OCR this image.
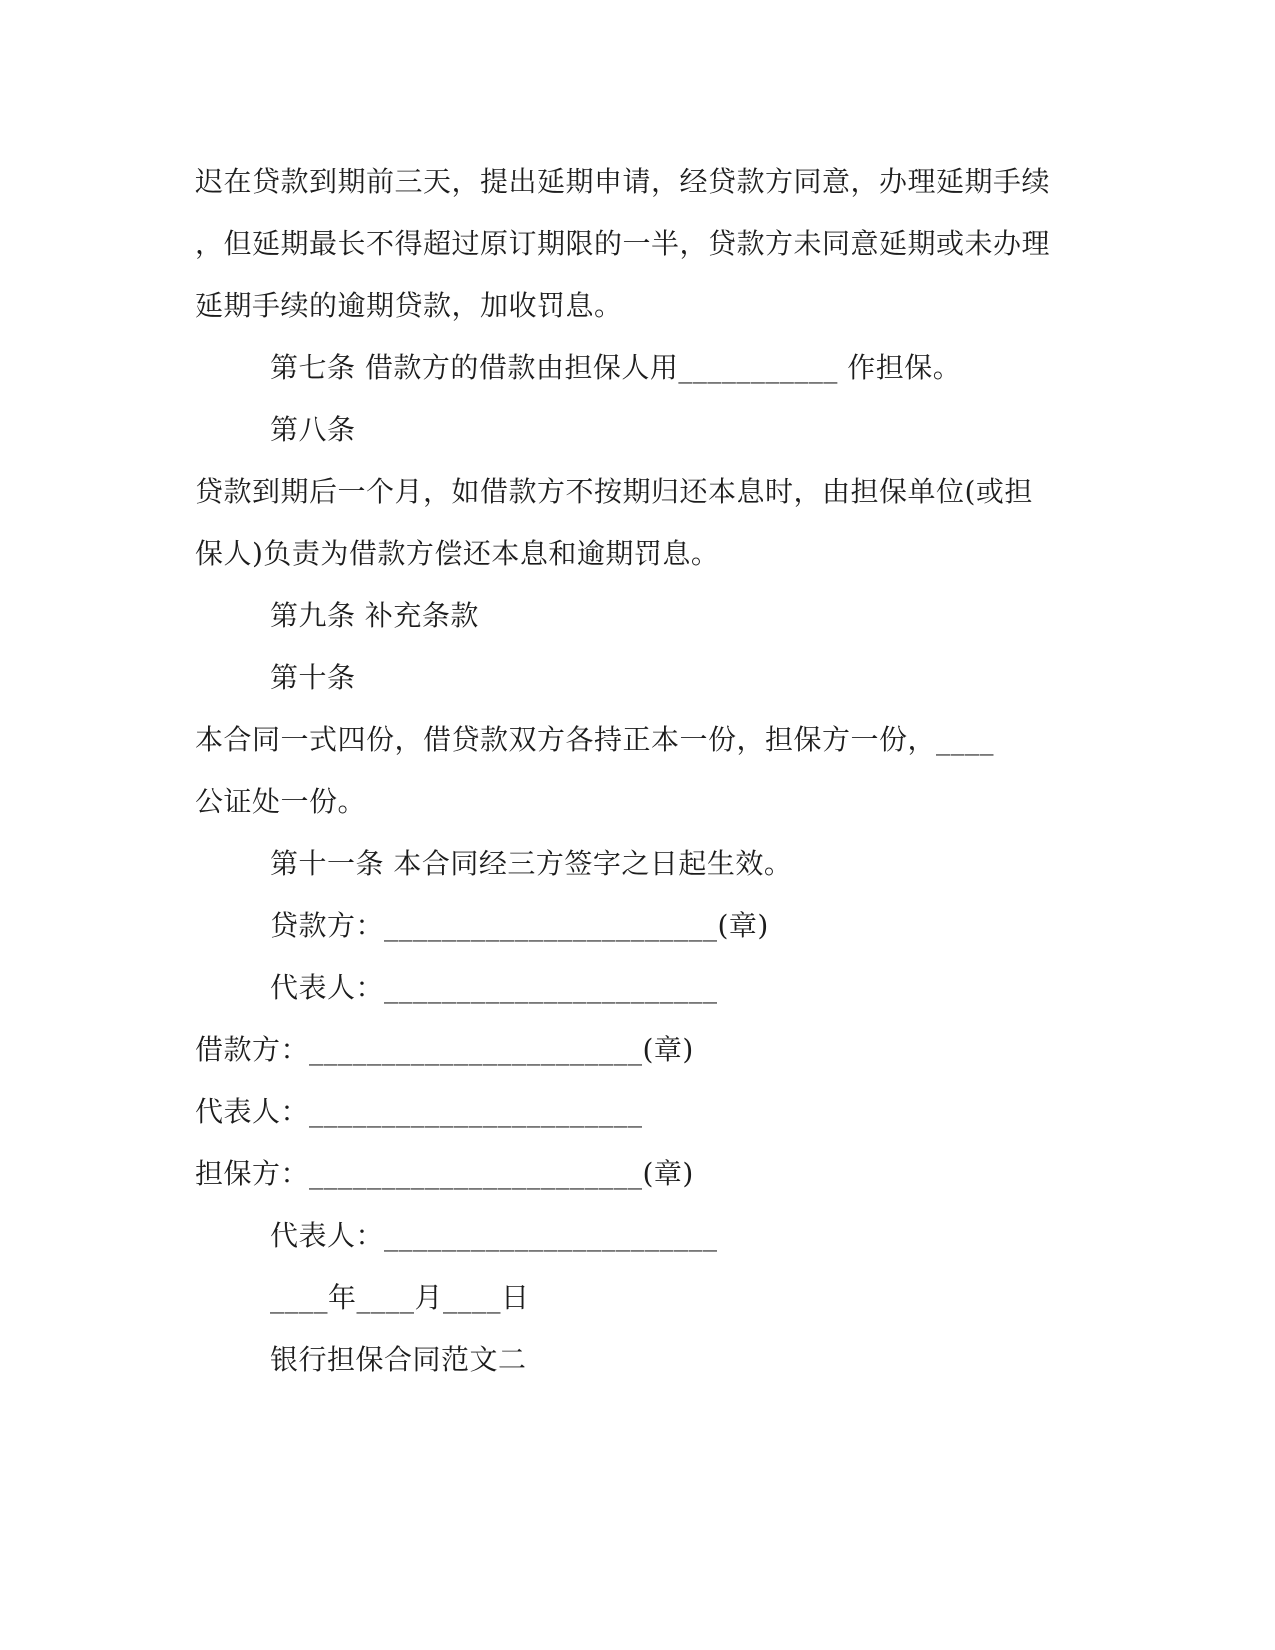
迟在贷款到期前三天，提出延期申请，经贷款方同意，办理延期手续
，但延期最长不得超过原订期限的一半，贷款方未同意延期或未办理
延期手续的逾期贷款，加收罚息。
第七条 借款方的借款由担保人用___________ 作担保。
第八条
贷款到期后一个月，如借款方不按期归还本息时，由担保单位(或担
保人)负责为借款方偿还本息和逾期罚息。
第九条 补充条款
第十条
本合同一式四份，借贷款双方各持正本一份，担保方一份，____
公证处一份。
第十一条 本合同经三方签字之日起生效。
贷款方：_______________________(章)
代表人：_______________________
借款方：_______________________(章)
代表人：_______________________
担保方：_______________________(章)
代表人：_______________________
____年____月____日
银行担保合同范文二
